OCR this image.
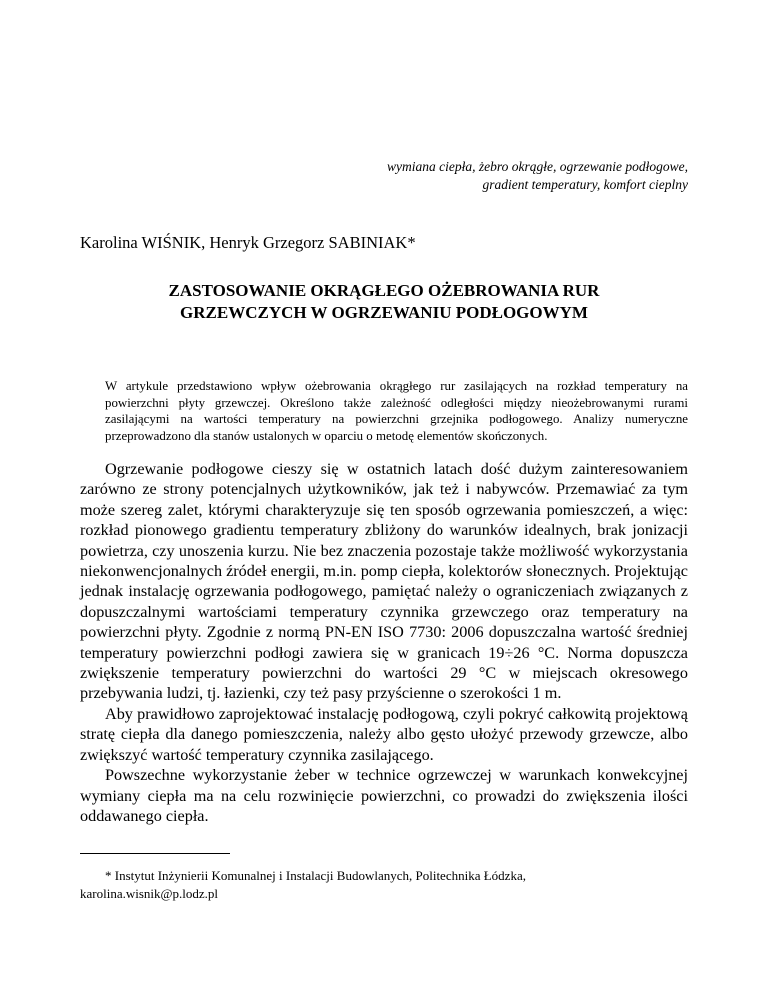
wymiana ciepła, żebro okrągłe, ogrzewanie podłogowe,
gradient temperatury, komfort cieplny
Karolina WIŚNIK, Henryk Grzegorz SABINIAK*
ZASTOSOWANIE OKRĄGŁEGO OŻEBROWANIA RUR
GRZEWCZYCH W OGRZEWANIU PODŁOGOWYM
W artykule przedstawiono wpływ ożebrowania okrągłego rur zasilających na rozkład temperatury na powierzchni płyty grzewczej. Określono także zależność odległości między nieożebrowanymi rurami zasilającymi na wartości temperatury na powierzchni grzejnika podłogowego. Analizy numeryczne przeprowadzono dla stanów ustalonych w oparciu o metodę elementów skończonych.

Ogrzewanie podłogowe cieszy się w ostatnich latach dość dużym zainteresowaniem zarówno ze strony potencjalnych użytkowników, jak też i nabywców. Przemawiać za tym może szereg zalet, którymi charakteryzuje się ten sposób ogrzewania pomieszczeń, a więc: rozkład pionowego gradientu temperatury zbliżony do warunków idealnych, brak jonizacji powietrza, czy unoszenia kurzu. Nie bez znaczenia pozostaje także możliwość wykorzystania niekonwencjonalnych źródeł energii, m.in. pomp ciepła, kolektorów słonecznych. Projektując jednak instalację ogrzewania podłogowego, pamiętać należy o ograniczeniach związanych z dopuszczalnymi wartościami temperatury czynnika grzewczego oraz temperatury na powierzchni płyty. Zgodnie z normą PN-EN ISO 7730: 2006 dopuszczalna wartość średniej temperatury powierzchni podłogi zawiera się w granicach 19÷26 °C. Norma dopuszcza zwiększenie temperatury powierzchni do wartości 29 °C w miejscach okresowego przebywania ludzi, tj. łazienki, czy też pasy przyścienne o szerokości 1 m.

Aby prawidłowo zaprojektować instalację podłogową, czyli pokryć całkowitą projektową stratę ciepła dla danego pomieszczenia, należy albo gęsto ułożyć przewody grzewcze, albo zwiększyć wartość temperatury czynnika zasilającego.

Powszechne wykorzystanie żeber w technice ogrzewczej w warunkach konwekcyjnej wymiany ciepła ma na celu rozwinięcie powierzchni, co prowadzi do zwiększenia ilości oddawanego ciepła.

* Instytut Inżynierii Komunalnej i Instalacji Budowlanych, Politechnika Łódzka,
karolina.wisnik@p.lodz.pl
